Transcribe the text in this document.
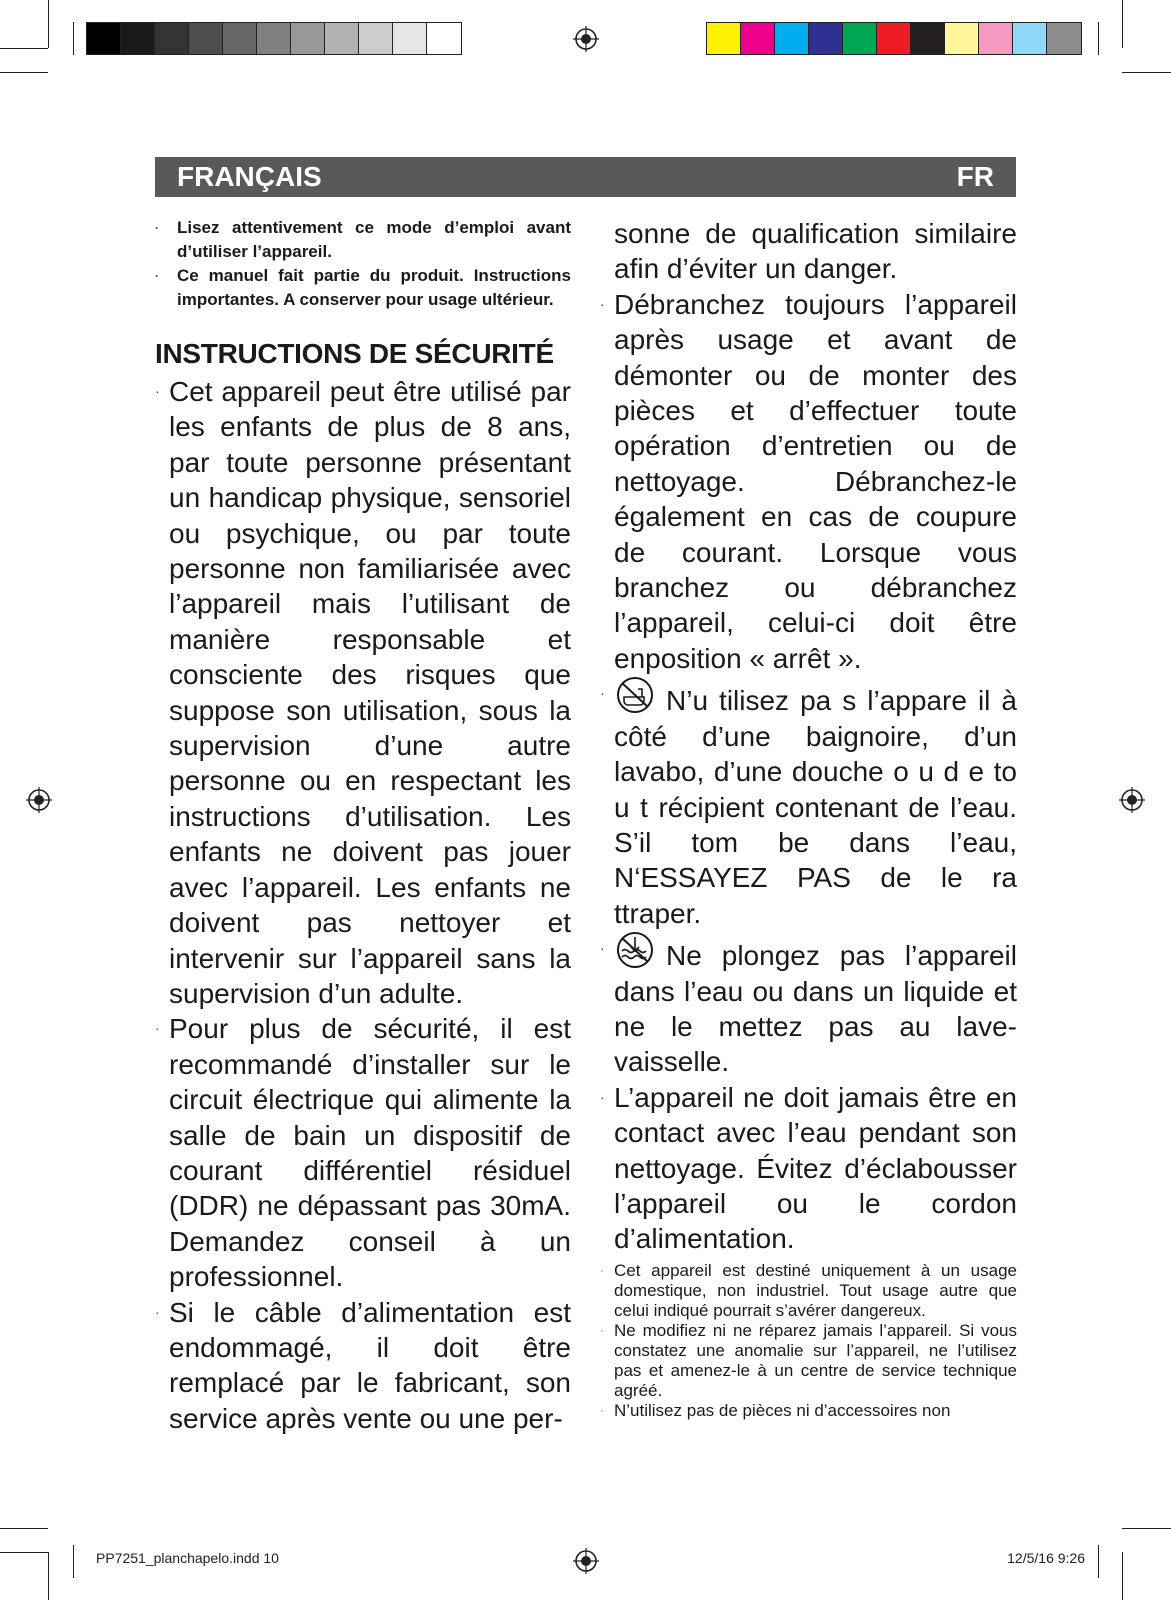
FRANÇAIS	FR
· Lisez attentivement ce mode d’emploi avant d’utiliser l’appareil.
· Ce manuel fait partie du produit. Instructions importantes. A conserver pour usage ultérieur.
INSTRUCTIONS DE SÉCURITÉ
· Cet appareil peut être utilisé par les enfants de plus de 8 ans, par toute personne présentant un handicap physique, sensoriel ou psychique, ou par toute personne non familiarisée avec l’appareil mais l’utilisant de manière responsable et consciente des risques que suppose son utilisation, sous la supervision d’une autre personne ou en respectant les instructions d’utilisation. Les enfants ne doivent pas jouer avec l’appareil. Les enfants ne doivent pas nettoyer et intervenir sur l’appareil sans la supervision d’un adulte.
· Pour plus de sécurité, il est recommandé d’installer sur le circuit électrique qui alimente la salle de bain un dispositif de courant différentiel résiduel (DDR) ne dépassant pas 30mA. Demandez conseil à un professionnel.
· Si le câble d’alimentation est endommagé, il doit être remplacé par le fabricant, son service après vente ou une per-
sonne de qualification similaire afin d’éviter un danger.
· Débranchez toujours l’appareil après usage et avant de démonter ou de monter des pièces et d’effectuer toute opération d’entretien ou de nettoyage. Débranchez-le également en cas de coupure de courant. Lorsque vous branchez ou débranchez l’appareil, celui-ci doit être enposition « arrêt ».
· N’u tilisez pa s l’appare il à côté d’une baignoire, d’un lavabo, d’une douche o u d e to u t récipient contenant de l’eau. S’il tom be dans l’eau, N‘ESSAYEZ PAS de le ra ttraper.
· Ne plongez pas l’appareil dans l’eau ou dans un liquide et ne le mettez pas au lave-vaisselle.
· L’appareil ne doit jamais être en contact avec l’eau pendant son nettoyage. Évitez d’éclabousser l’appareil ou le cordon d’alimentation.
· Cet appareil est destiné uniquement à un usage domestique, non industriel. Tout usage autre que celui indiqué pourrait s’avérer dangereux.
· Ne modifiez ni ne réparez jamais l’appareil. Si vous constatez une anomalie sur l’appareil, ne l’utilisez pas et amenez-le à un centre de service technique agréé.
· N’utilisez pas de pièces ni d’accessoires non
PP7251_planchapelo.indd 10	12/5/16 9:26
